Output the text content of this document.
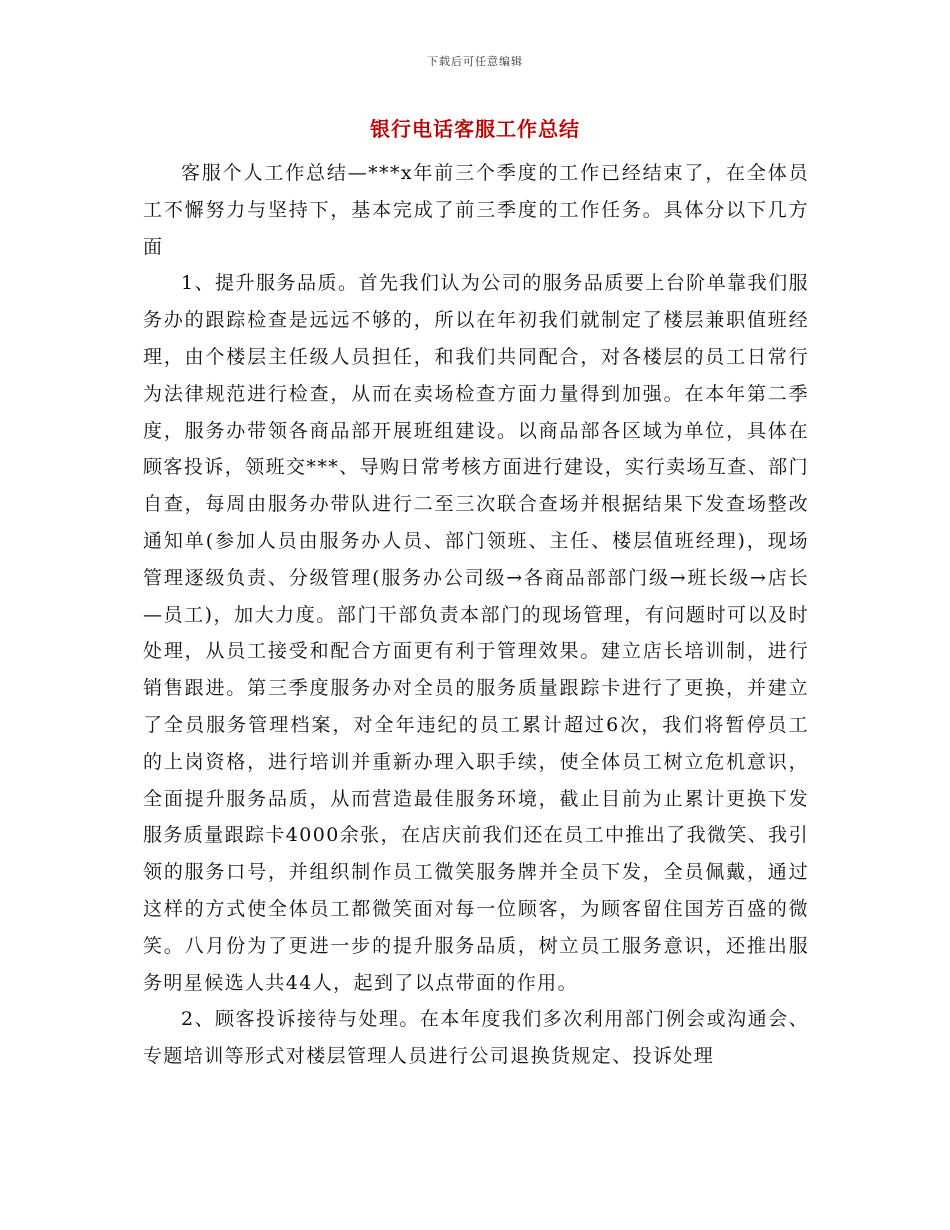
下载后可任意编辑
银行电话客服工作总结

客服个人工作总结—***x年前三个季度的工作已经结束了，在全体员工不懈努力与坚持下，基本完成了前三季度的工作任务。具体分以下几方面

1、提升服务品质。首先我们认为公司的服务品质要上台阶单靠我们服务办的跟踪检查是远远不够的，所以在年初我们就制定了楼层兼职值班经理，由个楼层主任级人员担任，和我们共同配合，对各楼层的员工日常行为法律规范进行检查，从而在卖场检查方面力量得到加强。在本年第二季度，服务办带领各商品部开展班组建设。以商品部各区域为单位，具体在顾客投诉，领班交***、导购日常考核方面进行建设，实行卖场互查、部门自查，每周由服务办带队进行二至三次联合查场并根据结果下发查场整改通知单(参加人员由服务办人员、部门领班、主任、楼层值班经理)，现场管理逐级负责、分级管理(服务办公司级→各商品部部门级→班长级→店长—员工)，加大力度。部门干部负责本部门的现场管理，有问题时可以及时处理，从员工接受和配合方面更有利于管理效果。建立店长培训制，进行销售跟进。第三季度服务办对全员的服务质量跟踪卡进行了更换，并建立了全员服务管理档案，对全年违纪的员工累计超过6次，我们将暂停员工的上岗资格，进行培训并重新办理入职手续，使全体员工树立危机意识，全面提升服务品质，从而营造最佳服务环境，截止目前为止累计更换下发服务质量跟踪卡4000余张，在店庆前我们还在员工中推出了我微笑、我引领的服务口号，并组织制作员工微笑服务牌并全员下发，全员佩戴，通过这样的方式使全体员工都微笑面对每一位顾客，为顾客留住国芳百盛的微笑。八月份为了更进一步的提升服务品质，树立员工服务意识，还推出服务明星候选人共44人，起到了以点带面的作用。

2、顾客投诉接待与处理。在本年度我们多次利用部门例会或沟通会、专题培训等形式对楼层管理人员进行公司退换货规定、投诉处理
